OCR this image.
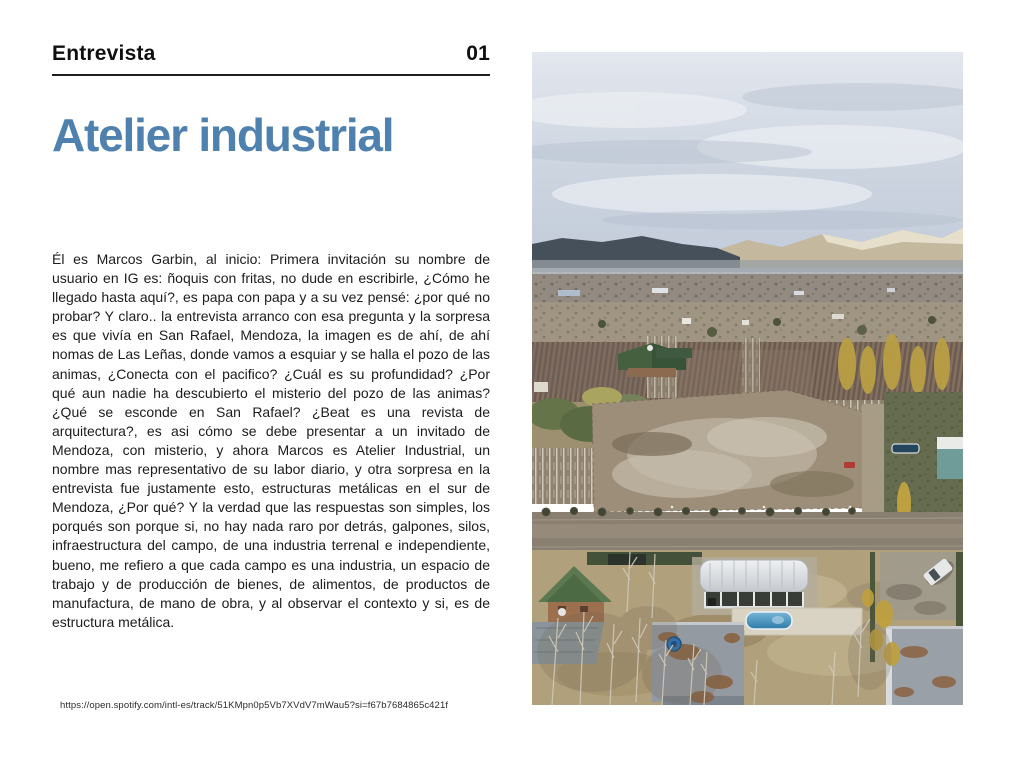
Entrevista	01
Atelier industrial

Él es Marcos Garbin, al inicio: Primera invitación su nombre de usuario en IG es: ñoquis con fritas, no dude en escribirle, ¿Cómo he llegado hasta aquí?, es papa con papa y a su vez pensé: ¿por qué no probar? Y claro.. la entrevista arranco con esa pregunta y la sorpresa es que vivía en San Rafael, Mendoza, la imagen es de ahí, de ahí nomas de Las Leñas, donde vamos a esquiar y se halla el pozo de las animas, ¿Conecta con el pacifico? ¿Cuál es su profundidad? ¿Por qué aun nadie ha descubierto el misterio del pozo de las animas? ¿Qué se esconde en San Rafael? ¿Beat es una revista de arquitectura?, es asi cómo se debe presentar a un invitado de Mendoza, con misterio, y ahora Marcos es Atelier Industrial, un nombre mas representativo de su labor diario, y otra sorpresa en la entrevista fue justamente esto, estructuras metálicas en el sur de Mendoza, ¿Por qué? Y la verdad que las respuestas son simples, los porqués son porque si, no hay nada raro por detrás, galpones, silos, infraestructura del campo, de una industria terrenal e independiente, bueno, me refiero a que cada campo es una industria, un espacio de trabajo y de producción de bienes, de alimentos, de productos de manufactura, de mano de obra, y al observar el contexto y si, es de estructura metálica.

https://open.spotify.com/intl-es/track/51KMpn0p5Vb7XVdV7mWau5?si=f67b7684865c421f
